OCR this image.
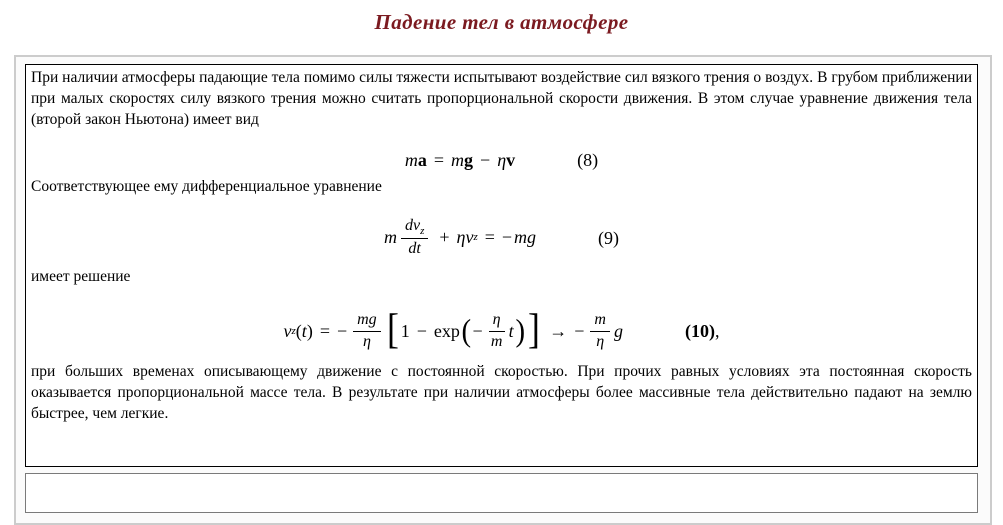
Падение тел в атмосфере

При наличии атмосферы падающие тела помимо силы тяжести испытывают воздействие сил вязкого трения о воздух. В грубом приближении при малых скоростях силу вязкого трения можно считать пропорциональной скорости движения. В этом случае уравнение движения тела (второй закон Ньютона) имеет вид

m a = m g − η v	(8)

Соответствующее ему дифференциальное уравнение

m $\frac{dv_z}{dt} + \eta$ v z = − mg	(9)

имеет решение

v z ( t ) = − $\frac{mg}{\eta}$ [ 1 − exp ( − $\frac{\eta}{m}$ t ) ] → − $\frac{m}{\eta}$ g	(10) ,

при больших временах описывающему движение с постоянной скоростью. При прочих равных условиях эта постоянная скорость оказывается пропорциональной массе тела. В результате при наличии атмосферы более массивные тела действительно падают на землю быстрее, чем легкие.
